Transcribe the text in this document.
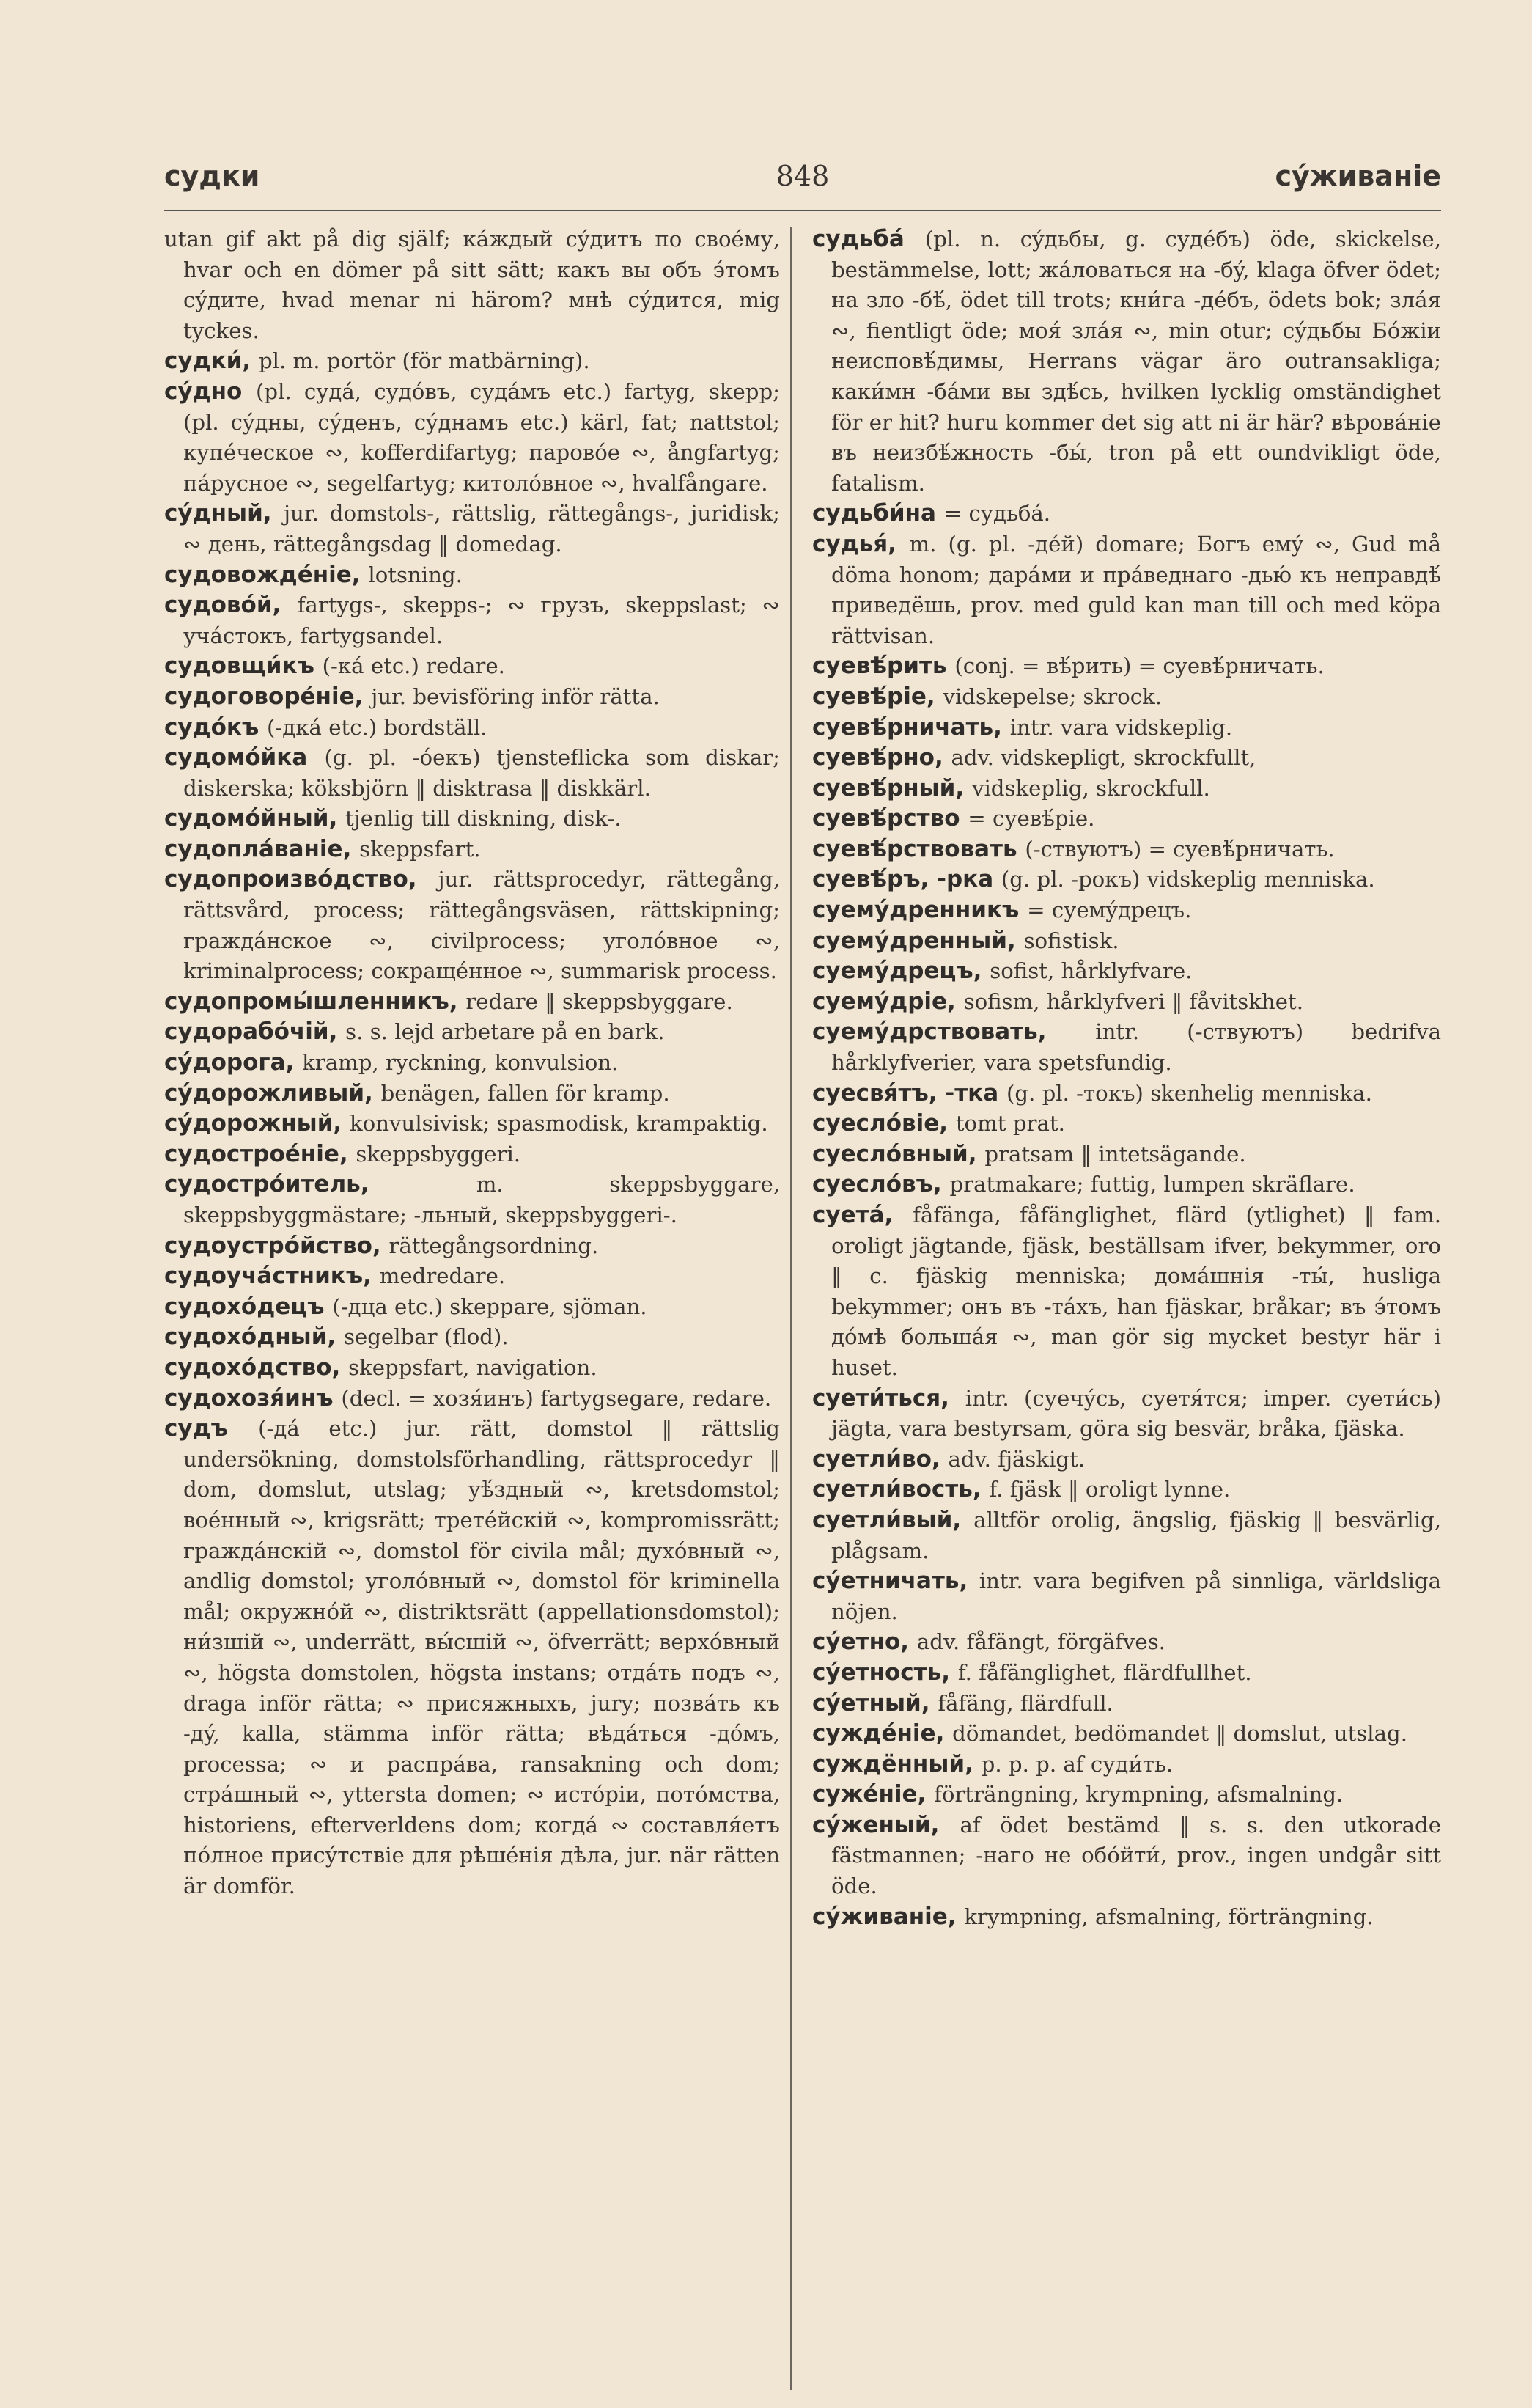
судки	848	сýживаніе

utan gif akt på dig själf; кáждый сýдитъ по своéму, hvar och en dömer på sitt sätt; какъ вы объ э́томъ сýдите, hvad menar ni härom? мнѣ сýдится, mig tyckes.

судки́, pl. m. portör (för matbärning).

сýдно (pl. судá, судóвъ, судáмъ etc.) fartyg, skepp; (pl. сýдны, сýденъ, сýднамъ etc.) kärl, fat; nattstol; купéческое ∾, kofferdifartyg; паровóе ∾, ångfartyg; пáрусное ∾, segelfartyg; китолóвное ∾, hvalfångare.

сýдный, jur. domstols-, rättslig, rättegångs-, juridisk; ∾ день, rättegångsdag ‖ domedag.

судовождéніе, lotsning.

судовóй, fartygs-, skepps-; ∾ грузъ, skeppslast; ∾ учáстокъ, fartygsandel.

судовщи́къ (-кá etc.) redare.

судоговорéніе, jur. bevisföring inför rätta.

судóкъ (-дкá etc.) bordställ.

судомóйка (g. pl. -óекъ) tjensteflicka som diskar; diskerska; köksbjörn ‖ disktrasa ‖ diskkärl.

судомóйный, tjenlig till diskning, disk-.

судоплáваніе, skeppsfart.

судопроизвóдство, jur. rättsprocedyr, rättegång, rättsvård, process; rättegångsväsen, rättskipning; граждáнское ∾, civilprocess; уголóвное ∾, kriminalprocess; сокращéнное ∾, summarisk process.

судопромы́шленникъ, redare ‖ skeppsbyggare.

судорабóчій, s. s. lejd arbetare på en bark.

сýдорога, kramp, ryckning, konvulsion.

сýдорожливый, benägen, fallen för kramp.

сýдорожный, konvulsivisk; spasmodisk, krampaktig.

судостроéніе, skeppsbyggeri.

судострóитель, m. skeppsbyggare, skeppsbyggmästare; -льный, skeppsbyggeri-.

судоустрóйство, rättegångsordning.

судоучáстникъ, medredare.

судохóдецъ (-дца etc.) skeppare, sjöman.

судохóдный, segelbar (flod).

судохóдство, skeppsfart, navigation.

судохозя́инъ (decl. = хозя́инъ) fartygsegare, redare.

судъ (-дá etc.) jur. rätt, domstol ‖ rättslig undersökning, domstolsförhandling, rättsprocedyr ‖ dom, domslut, utslag; уѣ́здный ∾, kretsdomstol; воéнный ∾, krigsrätt; третéйскій ∾, kompromissrätt; граждáнскій ∾, domstol för civila mål; духóвный ∾, andlig domstol; уголóвный ∾, domstol för kriminella mål; окружнóй ∾, distriktsrätt (appellationsdomstol); ни́зшій ∾, underrätt, вы́сшій ∾, öfverrätt; верхóвный ∾, högsta domstolen, högsta instans; отдáть подъ ∾, draga inför rätta; ∾ присяжныхъ, jury; позвáть къ -дý, kalla, stämma inför rätta; вѣдáться -дóмъ, processa; ∾ и распрáва, ransakning och dom; стрáшный ∾, yttersta domen; ∾ истóріи, потóмства, historiens, efterverldens dom; когдá ∾ составля́етъ пóлное присýтствіе для рѣшéнія дѣла, jur. när rätten är domför.

судьбá (pl. n. сýдьбы, g. судéбъ) öde, skickelse, bestämmelse, lott; жáловаться на -бý, klaga öfver ödet; на зло -бѣ́, ödet till trots; кни́га -дéбъ, ödets bok; злáя ∾, fientligt öde; моя́ злáя ∾, min otur; сýдьбы Бóжіи неисповѣ́димы, Herrans vägar äro outransakliga; каки́мн -бáми вы здѣ́сь, hvilken lycklig omständighet för er hit? huru kommer det sig att ni är här? вѣровáніе въ неизбѣ́жность -бы́, tron på ett oundvikligt öde, fatalism.

судьби́на = судьбá.

судья́, m. (g. pl. -дéй) domare; Богъ емý ∾, Gud må döma honom; дарáми и прáведнаго -дью́ къ неправдѣ́ приведёшь, prov. med guld kan man till och med köpa rättvisan.

суевѣ́рить (conj. = вѣ́рить) = суевѣ́рничать.

суевѣ́ріе, vidskepelse; skrock.

суевѣ́рничать, intr. vara vidskeplig.

суевѣ́рно, adv. vidskepligt, skrockfullt,

суевѣ́рный, vidskeplig, skrockfull.

суевѣ́рство = суевѣ́ріе.

суевѣ́рствовать (-ствуютъ) = суевѣ́рничать.

суевѣ́ръ, -рка (g. pl. -рокъ) vidskeplig menniska.

суемýдренникъ = суемýдрецъ.

суемýдренный, sofistisk.

суемýдрецъ, sofist, hårklyfvare.

суемýдріе, sofism, hårklyfveri ‖ fåvitskhet.

суемýдрствовать, intr. (-ствуютъ) bedrifva hårklyfverier, vara spetsfundig.

суесвя́тъ, -тка (g. pl. -токъ) skenhelig menniska.

суеслóвіе, tomt prat.

суеслóвный, pratsam ‖ intetsägande.

суеслóвъ, pratmakare; futtig, lumpen skräflare.

суетá, fåfänga, fåfänglighet, flärd (ytlighet) ‖ fam. oroligt jägtande, fjäsk, beställsam ifver, bekymmer, oro ‖ c. fjäskig menniska; домáшнія -ты́, husliga bekymmer; онъ въ -тáхъ, han fjäskar, bråkar; въ э́томъ дóмѣ большáя ∾, man gör sig mycket bestyr här i huset.

суети́ться, intr. (суечýсь, суетя́тся; imper. сyети́сь) jägta, vara bestyrsam, göra sig besvär, bråka, fjäska.

суетли́во, adv. fjäskigt.

суетли́вость, f. fjäsk ‖ oroligt lynne.

суетли́вый, alltför orolig, ängslig, fjäskig ‖ besvärlig, plågsam.

сýетничать, intr. vara begifven på sinnliga, världsliga nöjen.

сýетно, adv. fåfängt, förgäfves.

сýетность, f. fåfänglighet, flärdfullhet.

сýетный, fåfäng, flärdfull.

суждéніе, dömandet, bedömandet ‖ domslut, utslag.

суждённый, p. p. p. af суди́ть.

сужéніе, förträngning, krympning, afsmalning.

сýженый, af ödet bestämd ‖ s. s. den utkorade fästmannen; -наго не обóйти́, prov., ingen undgår sitt öde.

сýживаніе, krympning, afsmalning, förträngning.
